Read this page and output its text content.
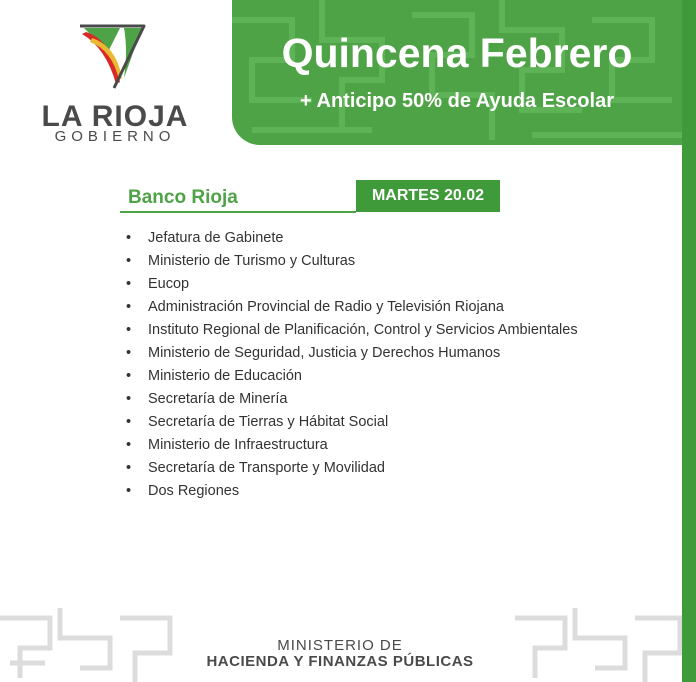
LA RIOJA
GOBIERNO
Quincena Febrero
+ Anticipo 50% de Ayuda Escolar
Banco Rioja	MARTES 20.02
• Jefatura de Gabinete
• Ministerio de Turismo y Culturas
• Eucop
• Administración Provincial de Radio y Televisión Riojana
• Instituto Regional de Planificación, Control y Servicios Ambientales
• Ministerio de Seguridad, Justicia y Derechos Humanos
• Ministerio de Educación
• Secretaría de Minería
• Secretaría de Tierras y Hábitat Social
• Ministerio de Infraestructura
• Secretaría de Transporte y Movilidad
• Dos Regiones
MINISTERIO DE
HACIENDA Y FINANZAS PÚBLICAS
